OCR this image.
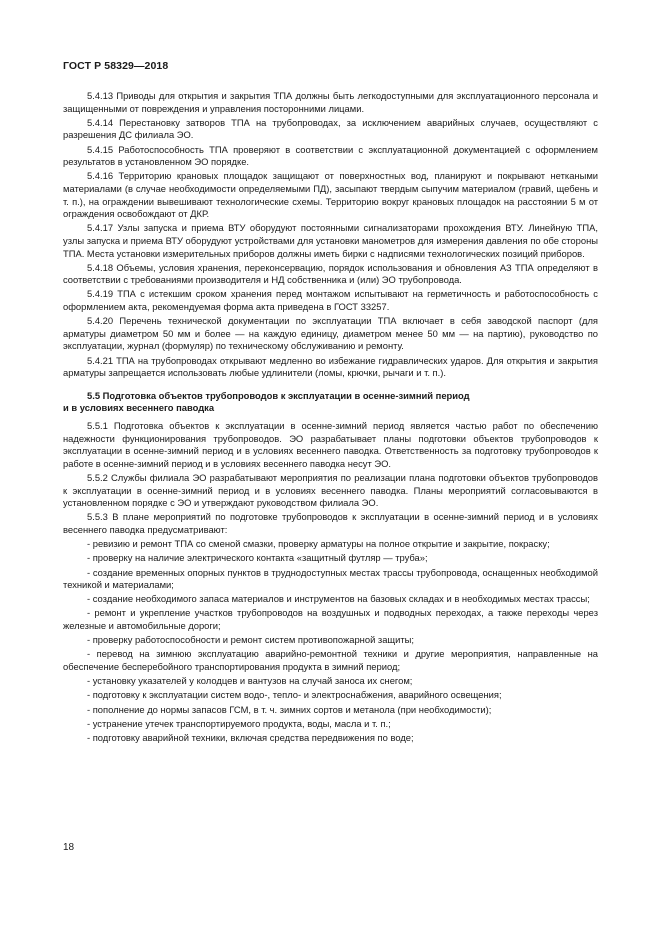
ГОСТ Р 58329—2018

5.4.13 Приводы для открытия и закрытия ТПА должны быть легкодоступными для эксплуатационного персонала и защищенными от повреждения и управления посторонними лицами.

5.4.14 Перестановку затворов ТПА на трубопроводах, за исключением аварийных случаев, осуществляют с разрешения ДС филиала ЭО.

5.4.15 Работоспособность ТПА проверяют в соответствии с эксплуатационной документацией с оформлением результатов в установленном ЭО порядке.

5.4.16 Территорию крановых площадок защищают от поверхностных вод, планируют и покрывают неткаными материалами (в случае необходимости определяемыми ПД), засыпают твердым сыпучим материалом (гравий, щебень и т. п.), на ограждении вывешивают технологические схемы. Территорию вокруг крановых площадок на расстоянии 5 м от ограждения освобождают от ДКР.

5.4.17 Узлы запуска и приема ВТУ оборудуют постоянными сигнализаторами прохождения ВТУ. Линейную ТПА, узлы запуска и приема ВТУ оборудуют устройствами для установки манометров для измерения давления по обе стороны ТПА. Места установки измерительных приборов должны иметь бирки с надписями технологических позиций приборов.

5.4.18 Объемы, условия хранения, переконсервацию, порядок использования и обновления АЗ ТПА определяют в соответствии с требованиями производителя и НД собственника и (или) ЭО трубопровода.

5.4.19 ТПА с истекшим сроком хранения перед монтажом испытывают на герметичность и работоспособность с оформлением акта, рекомендуемая форма акта приведена в ГОСТ 33257.

5.4.20 Перечень технической документации по эксплуатации ТПА включает в себя заводской паспорт (для арматуры диаметром 50 мм и более — на каждую единицу, диаметром менее 50 мм — на партию), руководство по эксплуатации, журнал (формуляр) по техническому обслуживанию и ремонту.

5.4.21 ТПА на трубопроводах открывают медленно во избежание гидравлических ударов. Для открытия и закрытия арматуры запрещается использовать любые удлинители (ломы, крючки, рычаги и т. п.).

5.5 Подготовка объектов трубопроводов к эксплуатации в осенне-зимний период
и в условиях весеннего паводка

5.5.1 Подготовка объектов к эксплуатации в осенне-зимний период является частью работ по обеспечению надежности функционирования трубопроводов. ЭО разрабатывает планы подготовки объектов трубопроводов к эксплуатации в осенне-зимний период и в условиях весеннего паводка. Ответственность за подготовку трубопроводов к работе в осенне-зимний период и в условиях весеннего паводка несут ЭО.

5.5.2 Службы филиала ЭО разрабатывают мероприятия по реализации плана подготовки объектов трубопроводов к эксплуатации в осенне-зимний период и в условиях весеннего паводка. Планы мероприятий согласовываются в установленном порядке с ЭО и утверждают руководством филиала ЭО.

5.5.3 В плане мероприятий по подготовке трубопроводов к эксплуатации в осенне-зимний период и в условиях весеннего паводка предусматривают:

- ревизию и ремонт ТПА со сменой смазки, проверку арматуры на полное открытие и закрытие, покраску;

- проверку на наличие электрического контакта «защитный футляр — труба»;

- создание временных опорных пунктов в труднодоступных местах трассы трубопровода, оснащенных необходимой техникой и материалами;

- создание необходимого запаса материалов и инструментов на базовых складах и в необходимых местах трассы;

- ремонт и укрепление участков трубопроводов на воздушных и подводных переходах, а также переходы через железные и автомобильные дороги;

- проверку работоспособности и ремонт систем противопожарной защиты;

- перевод на зимнюю эксплуатацию аварийно-ремонтной техники и другие мероприятия, направленные на обеспечение бесперебойного транспортирования продукта в зимний период;

- установку указателей у колодцев и вантузов на случай заноса их снегом;

- подготовку к эксплуатации систем водо-, тепло- и электроснабжения, аварийного освещения;

- пополнение до нормы запасов ГСМ, в т. ч. зимних сортов и метанола (при необходимости);

- устранение утечек транспортируемого продукта, воды, масла и т. п.;

- подготовку аварийной техники, включая средства передвижения по воде;

18
